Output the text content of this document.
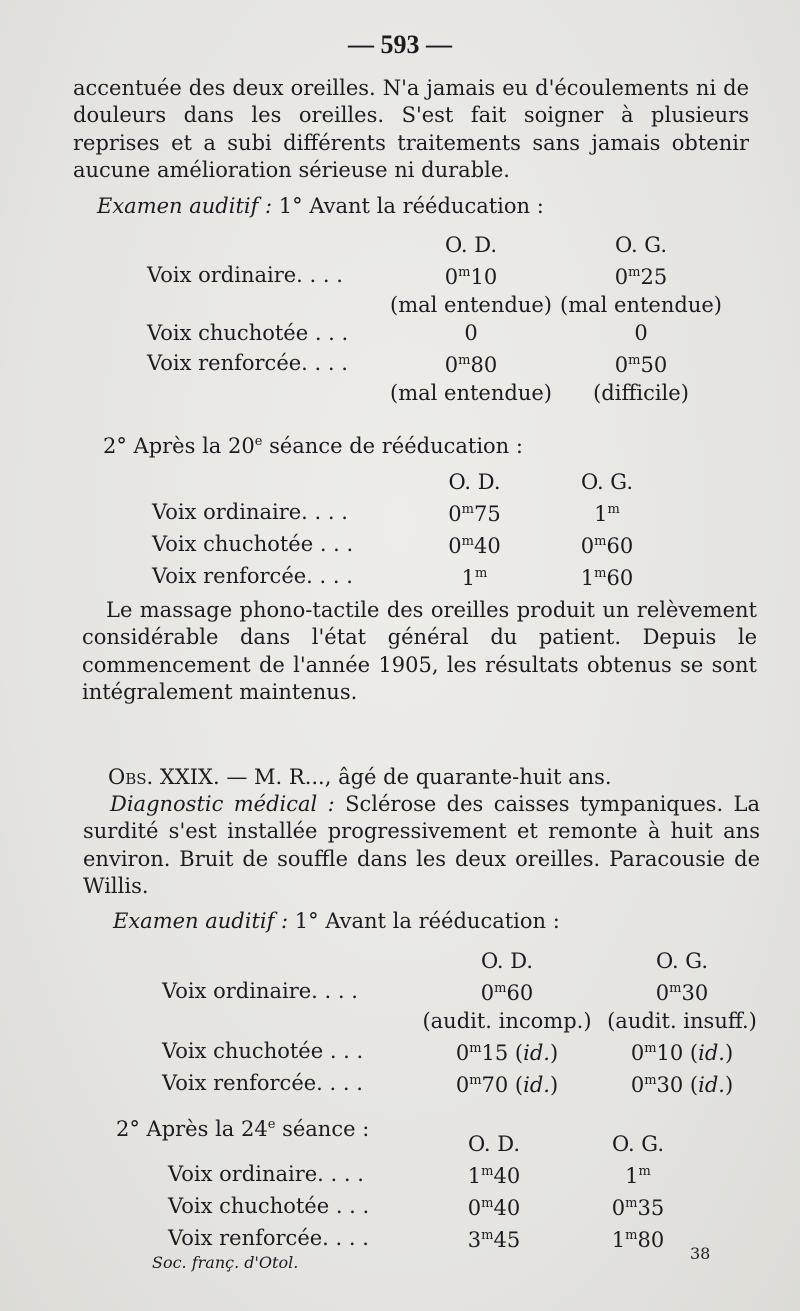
— 593 —

accentuée des deux oreilles. N'a jamais eu d'écoulements ni de douleurs dans les oreilles. S'est fait soigner à plusieurs reprises et a subi différents traitements sans jamais obtenir aucune amélioration sérieuse ni durable.

Examen auditif : 1° Avant la rééducation :
	O. D.	O. G.
Voix ordinaire. . . .	0$^m$10	0$^m$25
	(mal entendue)	(mal entendue)
Voix chuchotée . . .	0	0
Voix renforcée. . . .	0$^m$80	0$^m$50
	(mal entendue)	(difficile)
2° Après la 20e séance de rééducation :
	O. D.	O. G.
Voix ordinaire. . . .	0$^m$75	1$^m$
Voix chuchotée . . .	0$^m$40	0$^m$60
Voix renforcée. . . .	1$^m$	1$^m$60

Le massage phono-tactile des oreilles produit un relèvement considérable dans l'état général du patient. Depuis le commencement de l'année 1905, les résultats obtenus se sont intégralement maintenus.

Obs. XXIX. — M. R..., âgé de quarante-huit ans.

Diagnostic médical : Sclérose des caisses tympaniques. La surdité s'est installée progressivement et remonte à huit ans environ. Bruit de souffle dans les deux oreilles. Paracousie de Willis.

Examen auditif : 1° Avant la rééducation :
	O. D.	O. G.
Voix ordinaire. . . .	0$^m$60	0$^m$30
	(audit. incomp.)	(audit. insuff.)
Voix chuchotée . . .	0$^m$15 (id.)	0$^m$10 (id.)
Voix renforcée. . . .	0$^m$70 (id.)	0$^m$30 (id.)
2° Après la 24e séance :
	O. D.	O. G.
Voix ordinaire. . . .	1$^m$40	1$^m$
Voix chuchotée . . .	0$^m$40	0$^m$35
Voix renforcée. . . .	3$^m$45	1$^m$80
Soc. franç. d'Otol.	38
